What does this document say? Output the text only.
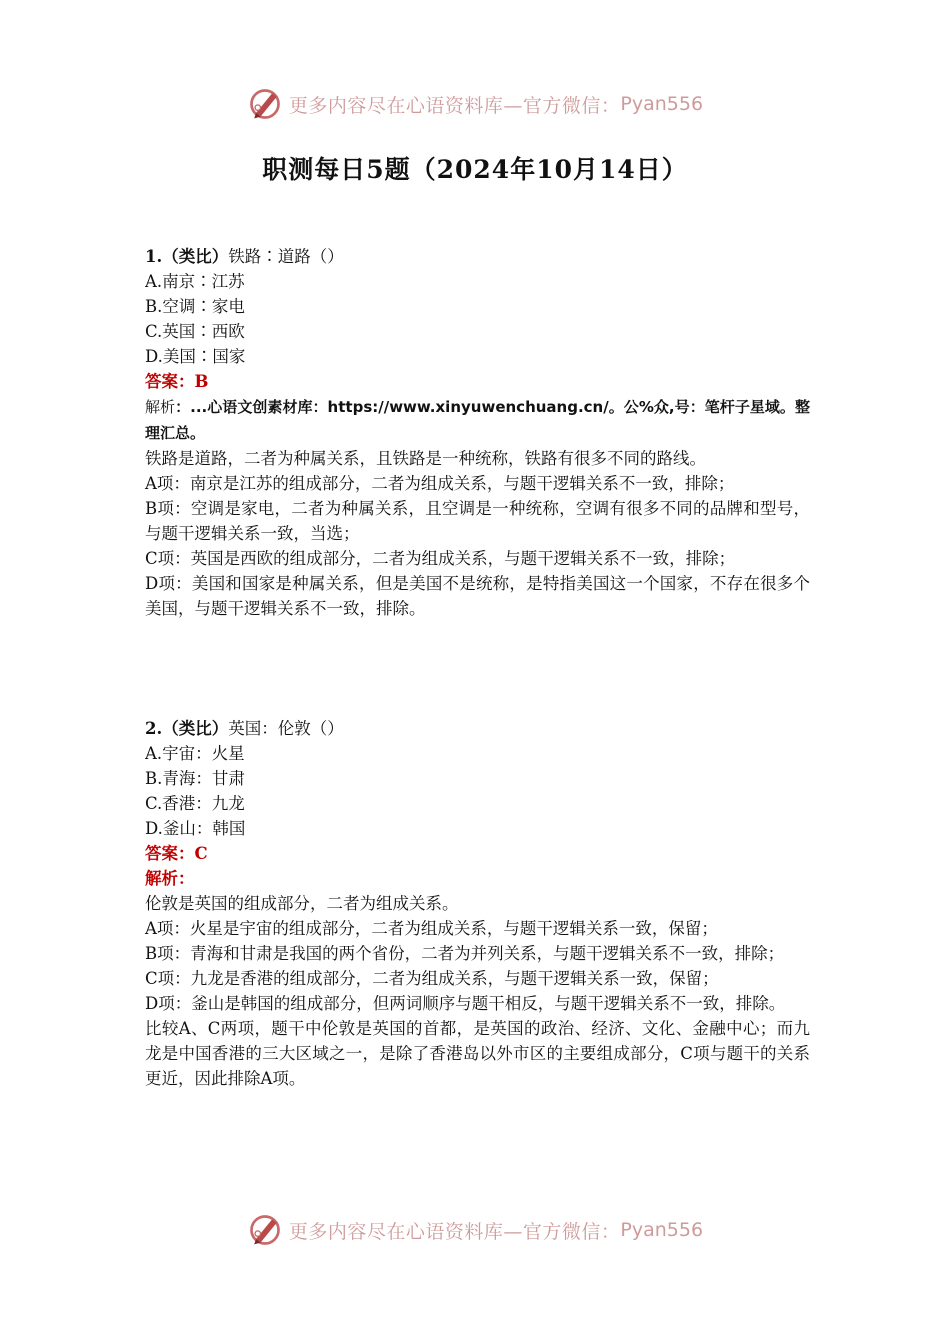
更多内容尽在心语资料库—官方微信： Pyan556
职测每日5题（2024年10月14日）
1.（类比）铁路∶道路（）
A.南京∶江苏
B.空调∶家电
C.英国∶西欧
D.美国∶国家
答案：B
解析：...心语文创素材库：https://www.xinyuwenchuang.cn/。公%众,号：笔杆子星域。整理汇总。
铁路是道路，二者为种属关系，且铁路是一种统称，铁路有很多不同的路线。
A项：南京是江苏的组成部分，二者为组成关系，与题干逻辑关系不一致，排除；
B项：空调是家电，二者为种属关系，且空调是一种统称，空调有很多不同的品牌和型号，与题干逻辑关系一致，当选；
C项：英国是西欧的组成部分，二者为组成关系，与题干逻辑关系不一致，排除；
D项：美国和国家是种属关系，但是美国不是统称，是特指美国这一个国家，不存在很多个美国，与题干逻辑关系不一致，排除。
2.（类比）英国：伦敦（）
A.宇宙：火星
B.青海：甘肃
C.香港：九龙
D.釜山：韩国
答案：C
解析：
伦敦是英国的组成部分，二者为组成关系。
A项：火星是宇宙的组成部分，二者为组成关系，与题干逻辑关系一致，保留；
B项：青海和甘肃是我国的两个省份，二者为并列关系，与题干逻辑关系不一致，排除；
C项：九龙是香港的组成部分，二者为组成关系，与题干逻辑关系一致，保留；
D项：釜山是韩国的组成部分，但两词顺序与题干相反，与题干逻辑关系不一致，排除。
比较A、C两项，题干中伦敦是英国的首都，是英国的政治、经济、文化、金融中心；而九龙是中国香港的三大区域之一，是除了香港岛以外市区的主要组成部分，C项与题干的关系更近，因此排除A项。
更多内容尽在心语资料库—官方微信： Pyan556
